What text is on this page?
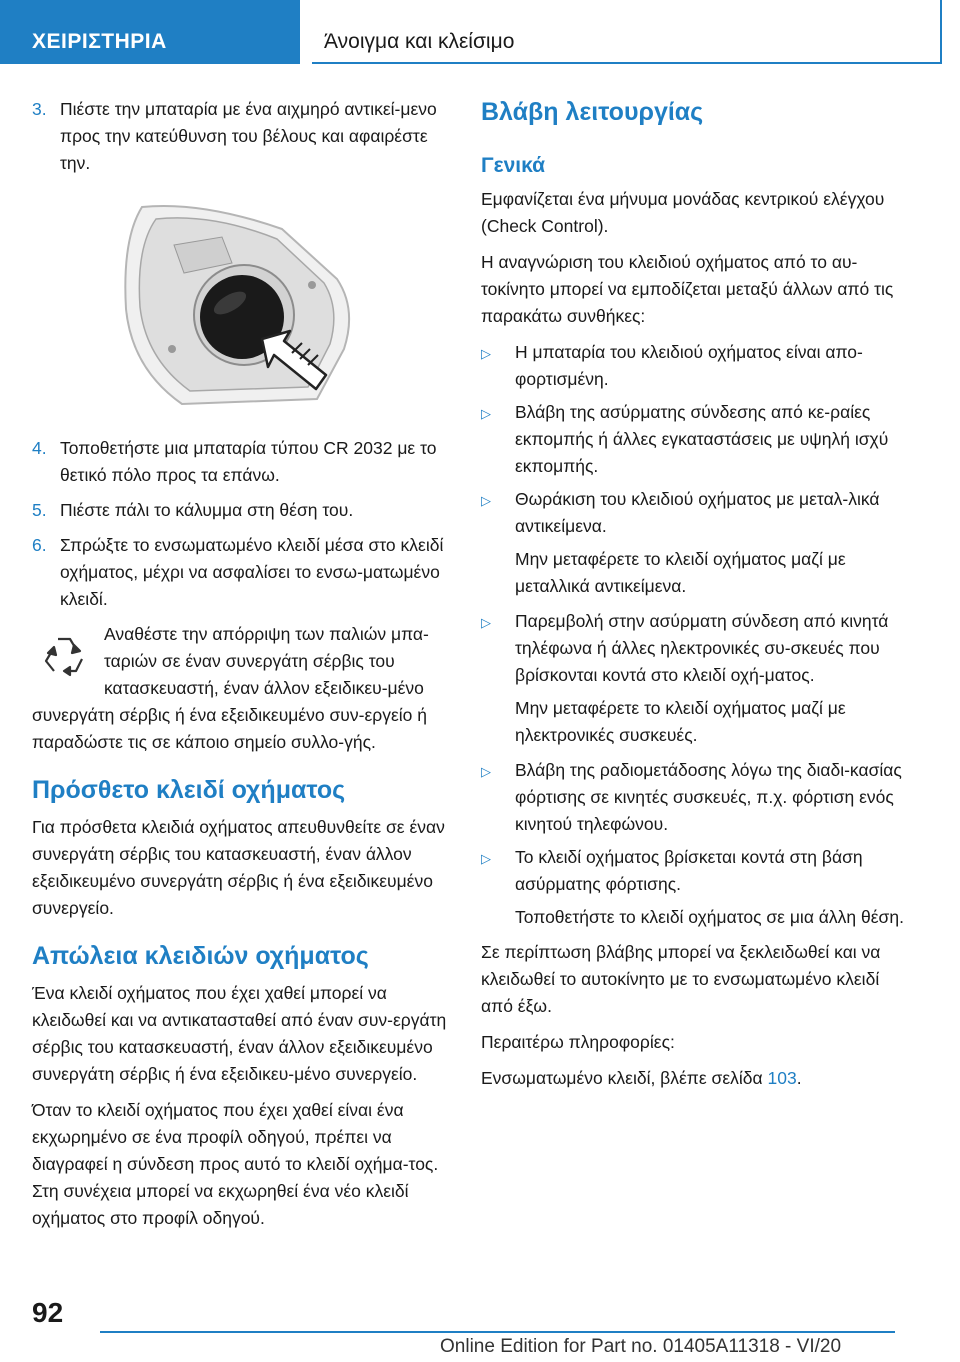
ΧΕΙΡΙΣΤΗΡΙΑ	Άνοιγμα και κλείσιμο
3. Πιέστε την μπαταρία με ένα αιχμηρό αντικεί‐μενο προς την κατεύθυνση του βέλους και αφαιρέστε την.
4. Τοποθετήστε μια μπαταρία τύπου CR 2032 με το θετικό πόλο προς τα επάνω.
5. Πιέστε πάλι το κάλυμμα στη θέση του.
6. Σπρώξτε το ενσωματωμένο κλειδί μέσα στο κλειδί οχήματος, μέχρι να ασφαλίσει το ενσω‐ματωμένο κλειδί.
Αναθέστε την απόρριψη των παλιών μπα‐ταριών σε έναν συνεργάτη σέρβις του κατασκευαστή, έναν άλλον εξειδικευ‐μένο συνεργάτη σέρβις ή ένα εξειδικευμένο συν‐εργείο ή παραδώστε τις σε κάποιο σημείο συλλο‐γής.
Πρόσθετο κλειδί οχήματος

Για πρόσθετα κλειδιά οχήματος απευθυνθείτε σε έναν συνεργάτη σέρβις του κατασκευαστή, έναν άλλον εξειδικευμένο συνεργάτη σέρβις ή ένα εξειδικευμένο συνεργείο.

Απώλεια κλειδιών οχήματος

Ένα κλειδί οχήματος που έχει χαθεί μπορεί να κλειδωθεί και να αντικατασταθεί από έναν συν‐εργάτη σέρβις του κατασκευαστή, έναν άλλον εξειδικευμένο συνεργάτη σέρβις ή ένα εξειδικευ‐μένο συνεργείο.

Όταν το κλειδί οχήματος που έχει χαθεί είναι ένα εκχωρημένο σε ένα προφίλ οδηγού, πρέπει να διαγραφεί η σύνδεση προς αυτό το κλειδί οχήμα‐τος. Στη συνέχεια μπορεί να εκχωρηθεί ένα νέο κλειδί οχήματος στο προφίλ οδηγού.

Βλάβη λειτουργίας
Γενικά

Εμφανίζεται ένα μήνυμα μονάδας κεντρικού ελέγχου (Check Control).

Η αναγνώριση του κλειδιού οχήματος από το αυ‐τοκίνητο μπορεί να εμποδίζεται μεταξύ άλλων από τις παρακάτω συνθήκες:

▷	Η μπαταρία του κλειδιού οχήματος είναι απο‐φορτισμένη.
▷	Βλάβη της ασύρματης σύνδεσης από κε‐ραίες εκπομπής ή άλλες εγκαταστάσεις με υψηλή ισχύ εκπομπής.
▷	Θωράκιση του κλειδιού οχήματος με μεταλ‐λικά αντικείμενα.

Μην μεταφέρετε το κλειδί οχήματος μαζί με μεταλλικά αντικείμενα.

▷	Παρεμβολή στην ασύρματη σύνδεση από κινητά τηλέφωνα ή άλλες ηλεκτρονικές συ‐σκευές που βρίσκονται κοντά στο κλειδί οχή‐ματος.

Μην μεταφέρετε το κλειδί οχήματος μαζί με ηλεκτρονικές συσκευές.

▷	Βλάβη της ραδιομετάδοσης λόγω της διαδι‐κασίας φόρτισης σε κινητές συσκευές, π.χ. φόρτιση ενός κινητού τηλεφώνου.
▷	Το κλειδί οχήματος βρίσκεται κοντά στη βάση ασύρματης φόρτισης.

Τοποθετήστε το κλειδί οχήματος σε μια άλλη θέση.

Σε περίπτωση βλάβης μπορεί να ξεκλειδωθεί και να κλειδωθεί το αυτοκίνητο με το ενσωματωμένο κλειδί από έξω.

Περαιτέρω πληροφορίες:

Ενσωματωμένο κλειδί, βλέπε σελίδα 103.

92
Online Edition for Part no. 01405A11318 - VI/20
